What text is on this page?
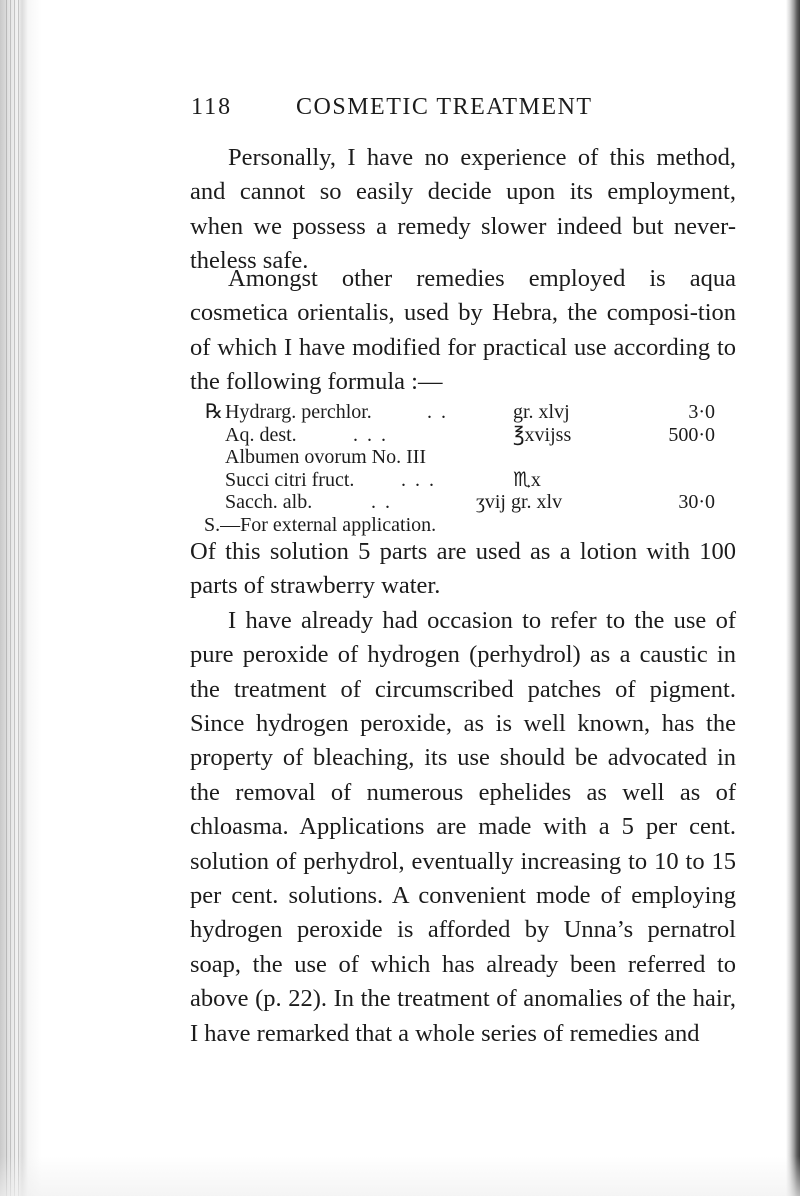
118	COSMETIC TREATMENT

Personally, I have no experience of this method, and cannot so easily decide upon its employment, when we possess a remedy slower indeed but never-theless safe.

Amongst other remedies employed is aqua cosmetica orientalis, used by Hebra, the composi-tion of which I have modified for practical use according to the following formula :—

℞ Hydrarg. perchlor.	. .	gr. xlvj	3·0
Aq. dest.	. . .	℥xvijss	500·0
Albumen ovorum No. III
Succi citri fruct. . . .	♏︎x
Sacch. alb.	. .	ʒvij gr. xlv	30·0
S.—For external application.

Of this solution 5 parts are used as a lotion with 100 parts of strawberry water.

I have already had occasion to refer to the use of pure peroxide of hydrogen (perhydrol) as a caustic in the treatment of circumscribed patches of pigment. Since hydrogen peroxide, as is well known, has the property of bleaching, its use should be advocated in the removal of numerous ephelides as well as of chloasma. Applications are made with a 5 per cent. solution of perhydrol, eventually increasing to 10 to 15 per cent. solutions. A convenient mode of employing hydrogen peroxide is afforded by Unna’s pernatrol soap, the use of which has already been referred to above (p. 22). In the treatment of anomalies of the hair, I have remarked that a whole series of remedies and
